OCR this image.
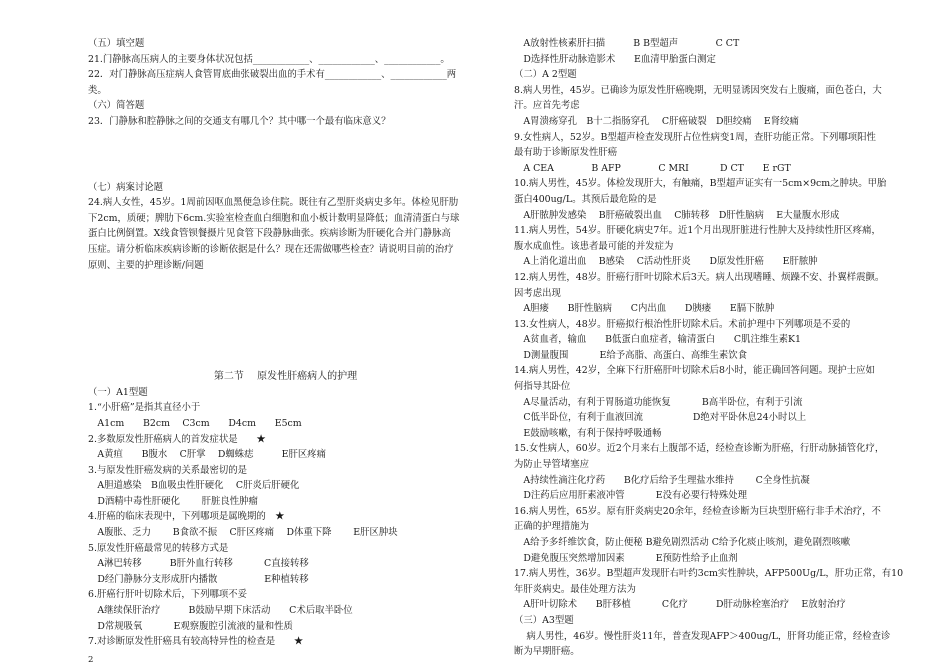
（五）填空题

21.门静脉高压病人的主要身体状况包括____________、____________、____________。

22．对门静脉高压症病人食管胃底曲张破裂出血的手术有____________、____________两

类。

（六）简答题

23．门静脉和腔静脉之间的交通支有哪几个？其中哪一个最有临床意义？

（七）病案讨论题

24.病人女性，45岁。1周前因呕血黑便急诊住院。既往有乙型肝炎病史多年。体检见肝肋

下2cm，质硬；脾肋下6cm.实验室检查血白细胞和血小板计数明显降低；血清清蛋白与球

蛋白比例倒置。X线食管钡餐摄片见食管下段静脉曲张。疾病诊断为肝硬化合并门静脉高

压症。请分析临床疾病诊断的诊断依据是什么？现在还需做哪些检查？请说明目前的治疗

原则、主要的护理诊断/问题

第二节　 原发性肝癌病人的护理

（一）A1型题

1.“小肝癌”是指其直径小于

　A1cm　　B2cm　 C3cm　　D4cm　　E5cm

2.多数原发性肝癌病人的首发症状是　　★

　A黄疸　　B腹水　 C肝掌　 D蜘蛛痣　　　E肝区疼痛

3.与原发性肝癌发病的关系最密切的是

　A胆道感染　B血吸虫性肝硬化　 C肝炎后肝硬化

　D酒精中毒性肝硬化　　 肝脏良性肿瘤

4.肝癌的临床表现中，下列哪项是属晚期的　★

　A腹胀、乏力　　 B食欲不振　 C肝区疼痛　 D体重下降　　 E肝区肿块

5.原发性肝癌最常见的转移方式是

　A淋巴转移　　　B肝外血行转移　　　 C直接转移

　D经门静脉分支形成肝内播散　　　　　E种植转移

6.肝癌行肝叶切除术后，下列哪项不妥

　A继续保肝治疗　　　B鼓励早期下床活动　　C术后取半卧位

　D常规吸氧　　　 E观察腹腔引流液的量和性质

7.对诊断原发性肝癌具有较高特异性的检查是　　★

　A放射性核素肝扫描　　　B B型超声　　　　C CT

　D选择性肝动脉造影术　　E血清甲胎蛋白测定

（二）A 2型题

8.病人男性，45岁。已确诊为原发性肝癌晚期，无明显诱因突发右上腹痛，面色苍白，大

汗。应首先考虑

　A胃溃疡穿孔　B十二指肠穿孔　 C肝癌破裂　D胆绞痛　 E肾绞痛

9.女性病人，52岁。B型超声检查发现肝占位性病变1周，查肝功能正常。下列哪项阳性

最有助于诊断原发性肝癌

　A CEA　　　　B AFP　　　　C MRI　　　 D CT　　E rGT

10.病人男性，45岁。体检发现肝大，有触痛，B型超声证实有一5cm×9cm之肿块。甲胎

蛋白400ug/L。其预后最危险的是

　A肝脓肿发感染　 B肝癌破裂出血　 C肺转移　D肝性脑病　 E大量腹水形成

11.病人男性，54岁。肝硬化病史7年。近1个月出现肝脏进行性肿大及持续性肝区疼痛，

腹水成血性。该患者最可能的并发症为

　A上消化道出血　 B感染　 C活动性肝炎　　D原发性肝癌　　E肝脓肿

12.病人男性，48岁。肝癌行肝叶切除术后3天。病人出现嗜睡、烦躁不安、扑翼样震颤。

因考虑出现

　A胆瘘　　B肝性脑病　　C内出血　　D胰瘘　　E膈下脓肿

13.女性病人，48岁。肝癌拟行根治性肝切除术后。术前护理中下列哪项是不妥的

　A贫血者，输血　　B低蛋白血症者，输清蛋白　　C肌注维生素K1

　D测量腹围　　　 E给予高脂、高蛋白、高维生素饮食

14.病人男性，42岁，全麻下行肝癌肝叶切除术后8小时，能正确回答问题。现护士应如

何指导其卧位

　A尽量活动，有利于胃肠道功能恢复　　　 B高半卧位，有利于引流

　C低半卧位，有利于血液回流　　　　　 D绝对平卧休息24小时以上

　E鼓励咳嗽，有利于保持呼吸通畅

15.女性病人，60岁。近2个月来右上腹部不适，经检查诊断为肝癌，行肝动脉插管化疗，

为防止导管堵塞应

　A持续性滴注化疗药　　B化疗后给予生理盐水维持　　 C全身性抗凝

　D注药后应用肝素液冲管　　　 E没有必要行特殊处理

16.病人男性，65岁。原有肝炎病史20余年，经检查诊断为巨块型肝癌行非手术治疗，不

正确的护理措施为

　A给予多纤维饮食，防止便秘 B避免剧烈活动 C给予化痰止咳剂，避免剧烈咳嗽

　D避免腹压突然增加因素　　　 E预防性给予止血剂

17.病人男性，36岁。B型超声发现肝右叶约3cm实性肿块，AFP500Ug/L，肝功正常，有10

年肝炎病史。最佳处理方法为

　A肝叶切除术　　B肝移植　　　 C化疗　　　D肝动脉栓塞治疗　 E放射治疗

（三）A3型题

　 病人男性，46岁。慢性肝炎11年，普查发现AFP＞400ug/L，肝肾功能正常，经检查诊

断为早期肝癌。

2
